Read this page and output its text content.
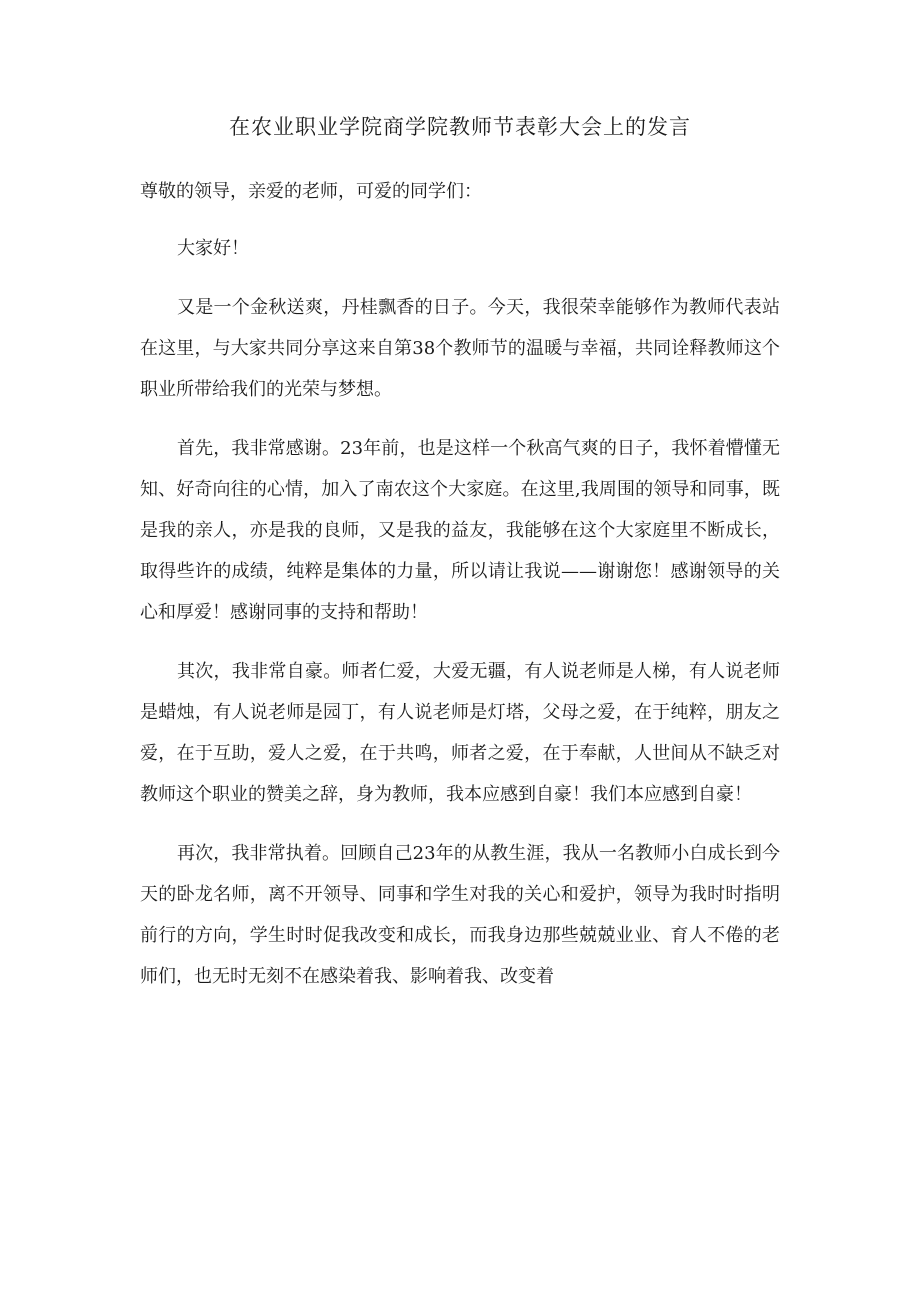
在农业职业学院商学院教师节表彰大会上的发言

尊敬的领导，亲爱的老师，可爱的同学们：

大家好！

又是一个金秋送爽，丹桂飘香的日子。今天，我很荣幸能够作为教师代表站在这里，与大家共同分享这来自第38个教师节的温暖与幸福，共同诠释教师这个职业所带给我们的光荣与梦想。

首先，我非常感谢。23年前，也是这样一个秋高气爽的日子，我怀着懵懂无知、好奇向往的心情，加入了南农这个大家庭。在这里,我周围的领导和同事，既是我的亲人，亦是我的良师，又是我的益友，我能够在这个大家庭里不断成长，取得些许的成绩，纯粹是集体的力量，所以请让我说——谢谢您！感谢领导的关心和厚爱！感谢同事的支持和帮助！

其次，我非常自豪。师者仁爱，大爱无疆，有人说老师是人梯，有人说老师是蜡烛，有人说老师是园丁，有人说老师是灯塔，父母之爱，在于纯粹，朋友之爱，在于互助，爱人之爱，在于共鸣，师者之爱，在于奉献，人世间从不缺乏对教师这个职业的赞美之辞，身为教师，我本应感到自豪！我们本应感到自豪！

再次，我非常执着。回顾自己23年的从教生涯，我从一名教师小白成长到今天的卧龙名师，离不开领导、同事和学生对我的关心和爱护，领导为我时时指明前行的方向，学生时时促我改变和成长，而我身边那些兢兢业业、育人不倦的老师们，也无时无刻不在感染着我、影响着我、改变着
